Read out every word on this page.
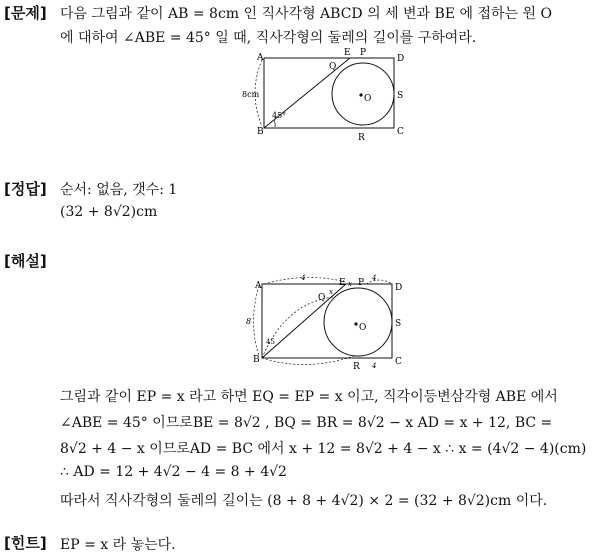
[문제]
[정답]
[해설]
[힌트]
다음 그림과 같이 AB = 8cm 인 직사각형 ABCD 의 세 변과 BE 에 접하는 원 O
에 대하여 ∠ABE = 45° 일 때, 직사각형의 둘레의 길이를 구하여라.
A
B	C
D
E P
Q
R
S
O
8cm
45°
순서: 없음, 갯수: 1
(32 + 8√2)cm
A
B	C
D
E P
Q
R
S
O
8
45
x
x
4	4
4
그림과 같이 EP = x 라고 하면 EQ = EP = x 이고, 직각이등변삼각형 ABE 에서
∠ABE = 45° 이므로BE = 8√2 , BQ = BR = 8√2 − x AD = x + 12, BC =
8√2 + 4 − x 이므로AD = BC 에서 x + 12 = 8√2 + 4 − x ∴ x = (4√2 − 4)(cm)
∴ AD = 12 + 4√2 − 4 = 8 + 4√2
따라서 직사각형의 둘레의 길이는 (8 + 8 + 4√2) × 2 = (32 + 8√2)cm 이다.
EP = x 라 놓는다.
